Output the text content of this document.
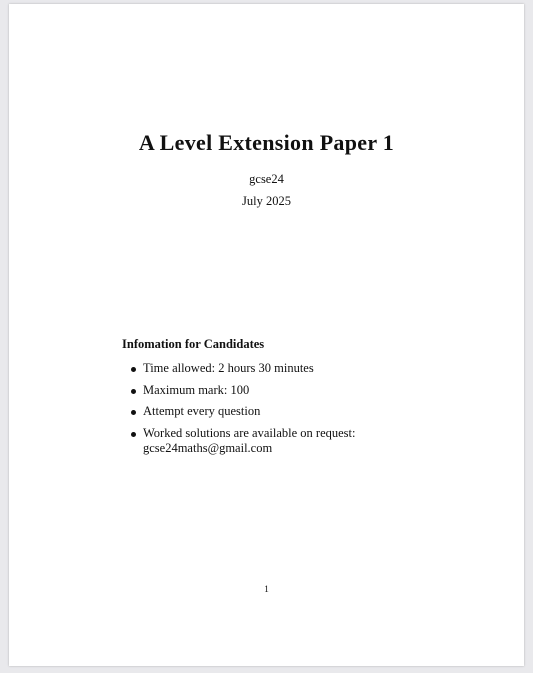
A Level Extension Paper 1
gcse24
July 2025
Infomation for Candidates
Time allowed: 2 hours 30 minutes
Maximum mark: 100
Attempt every question
Worked solutions are available on request:
gcse24maths@gmail.com
1
